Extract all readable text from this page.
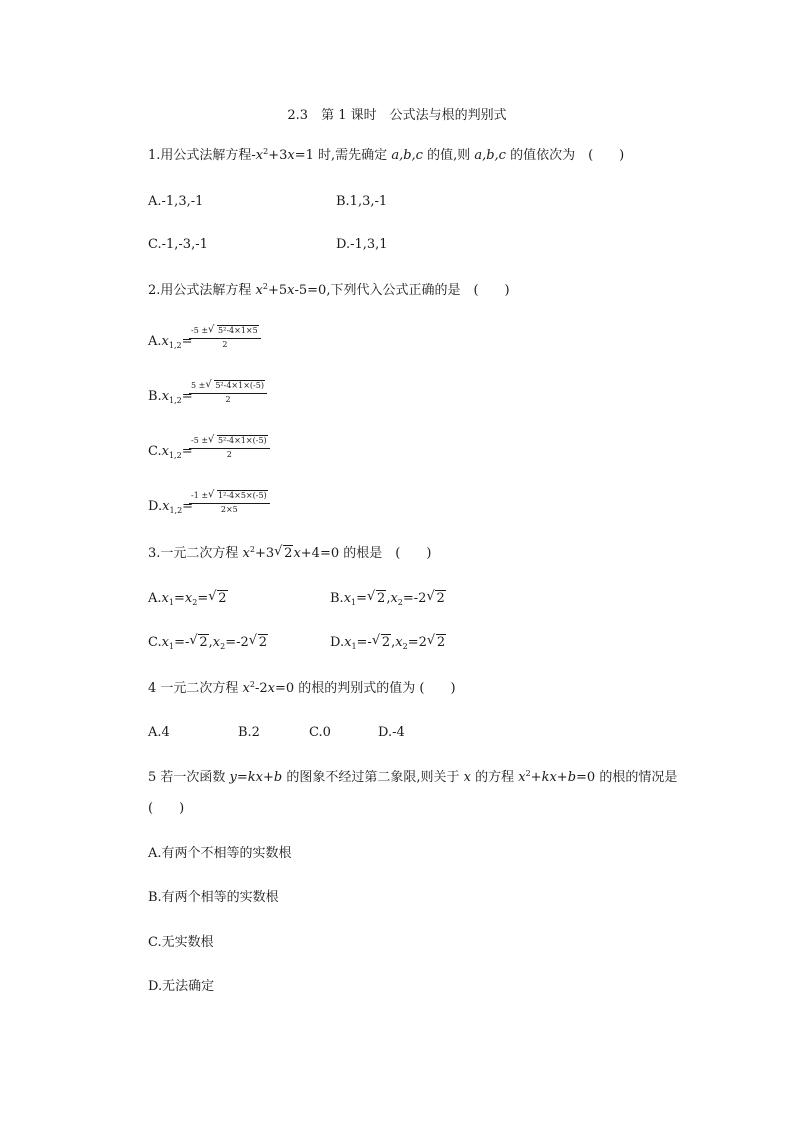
2.3　第 1 课时　公式法与根的判别式
1.用公式法解方程$-x^2+3x=1$ 时,需先确定 a,b,c 的值,则 a,b,c 的值依次为　(　　)
A.-1,3,-1	B.1,3,-1
C.-1,-3,-1	D.-1,3,1
2.用公式法解方程 $x^2+5x-5=0$,下列代入公式正确的是　(　　)
$A.x_{1,2}=$
$\frac{\text{-5 ±√ 5²-4×1×5}}{2}$
$B.x_{1,2}=$
$\frac{\text{5 ±√ 5²-4×1×(-5)}}{2}$
$C.x_{1,2}=$
$\frac{\text{-5 ±√ 5²-4×1×(-5)}}{2}$
$D.x_{1,2}=$
$\frac{\text{-1 ±√ 1²-4×5×(-5)}}{2\times 5}$
3.一元二次方程 $x^2+3√$ 2x+4=0 的根是　(　　)
$A.x_1=x_2=√$ 2	$B.x_1=√$ $2,x_2=-2√$ 2
$C.x_1=-√$ $2,x_2=-2√$ 2	$D.x_1=-√$ $2,x_2=2√$ 2
4 一元二次方程 $x^2-2x=0$ 的根的判别式的值为 (　　)
A.4	B.2	C.0	D.-4
5 若一次函数 y=kx+b 的图象不经过第二象限,则关于 x 的方程 $x^2+kx+b=0$ 的根的情况是
(　　)
A.有两个不相等的实数根
B.有两个相等的实数根
C.无实数根
D.无法确定
